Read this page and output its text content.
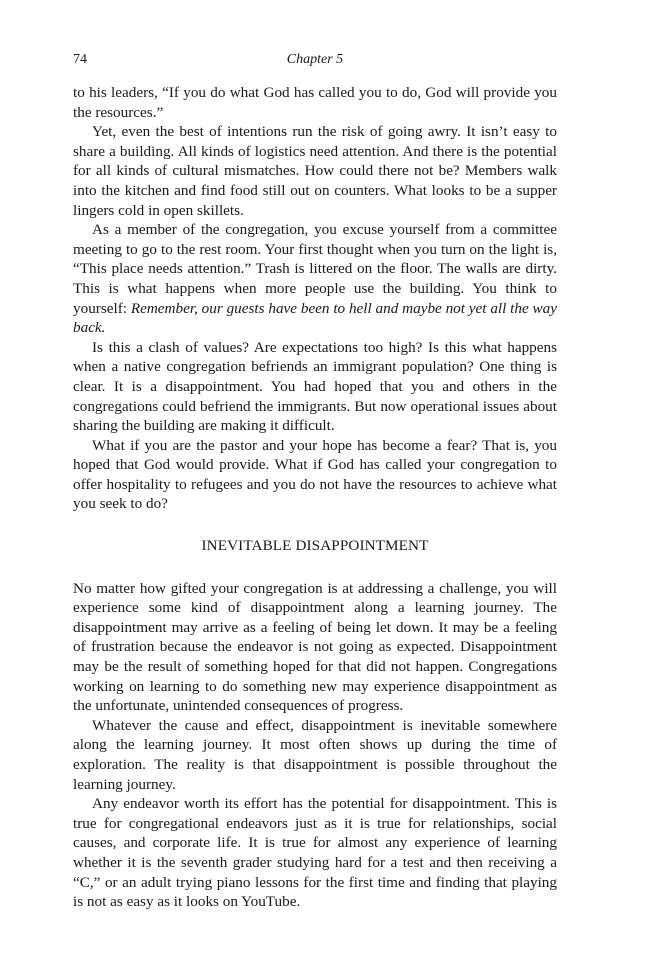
74	Chapter 5

to his leaders, “If you do what God has called you to do, God will provide you the resources.”

Yet, even the best of intentions run the risk of going awry. It isn’t easy to share a building. All kinds of logistics need attention. And there is the potential for all kinds of cultural mismatches. How could there not be? Members walk into the kitchen and find food still out on counters. What looks to be a supper lingers cold in open skillets.

As a member of the congregation, you excuse yourself from a committee meeting to go to the rest room. Your first thought when you turn on the light is, “This place needs attention.” Trash is littered on the floor. The walls are dirty. This is what happens when more people use the building. You think to yourself: Remember, our guests have been to hell and maybe not yet all the way back.

Is this a clash of values? Are expectations too high? Is this what happens when a native congregation befriends an immigrant population? One thing is clear. It is a disappointment. You had hoped that you and others in the congregations could befriend the immigrants. But now operational issues about sharing the building are making it difficult.

What if you are the pastor and your hope has become a fear? That is, you hoped that God would provide. What if God has called your congregation to offer hospitality to refugees and you do not have the resources to achieve what you seek to do?

INEVITABLE DISAPPOINTMENT

No matter how gifted your congregation is at addressing a challenge, you will experience some kind of disappointment along a learning journey. The disappointment may arrive as a feeling of being let down. It may be a feeling of frustration because the endeavor is not going as expected. Disappointment may be the result of something hoped for that did not happen. Congregations working on learning to do something new may experience disappointment as the unfortunate, unintended consequences of progress.

Whatever the cause and effect, disappointment is inevitable somewhere along the learning journey. It most often shows up during the time of exploration. The reality is that disappointment is possible throughout the learning journey.

Any endeavor worth its effort has the potential for disappointment. This is true for congregational endeavors just as it is true for relationships, social causes, and corporate life. It is true for almost any experience of learning whether it is the seventh grader studying hard for a test and then receiving a “C,” or an adult trying piano lessons for the first time and finding that playing is not as easy as it looks on YouTube.
